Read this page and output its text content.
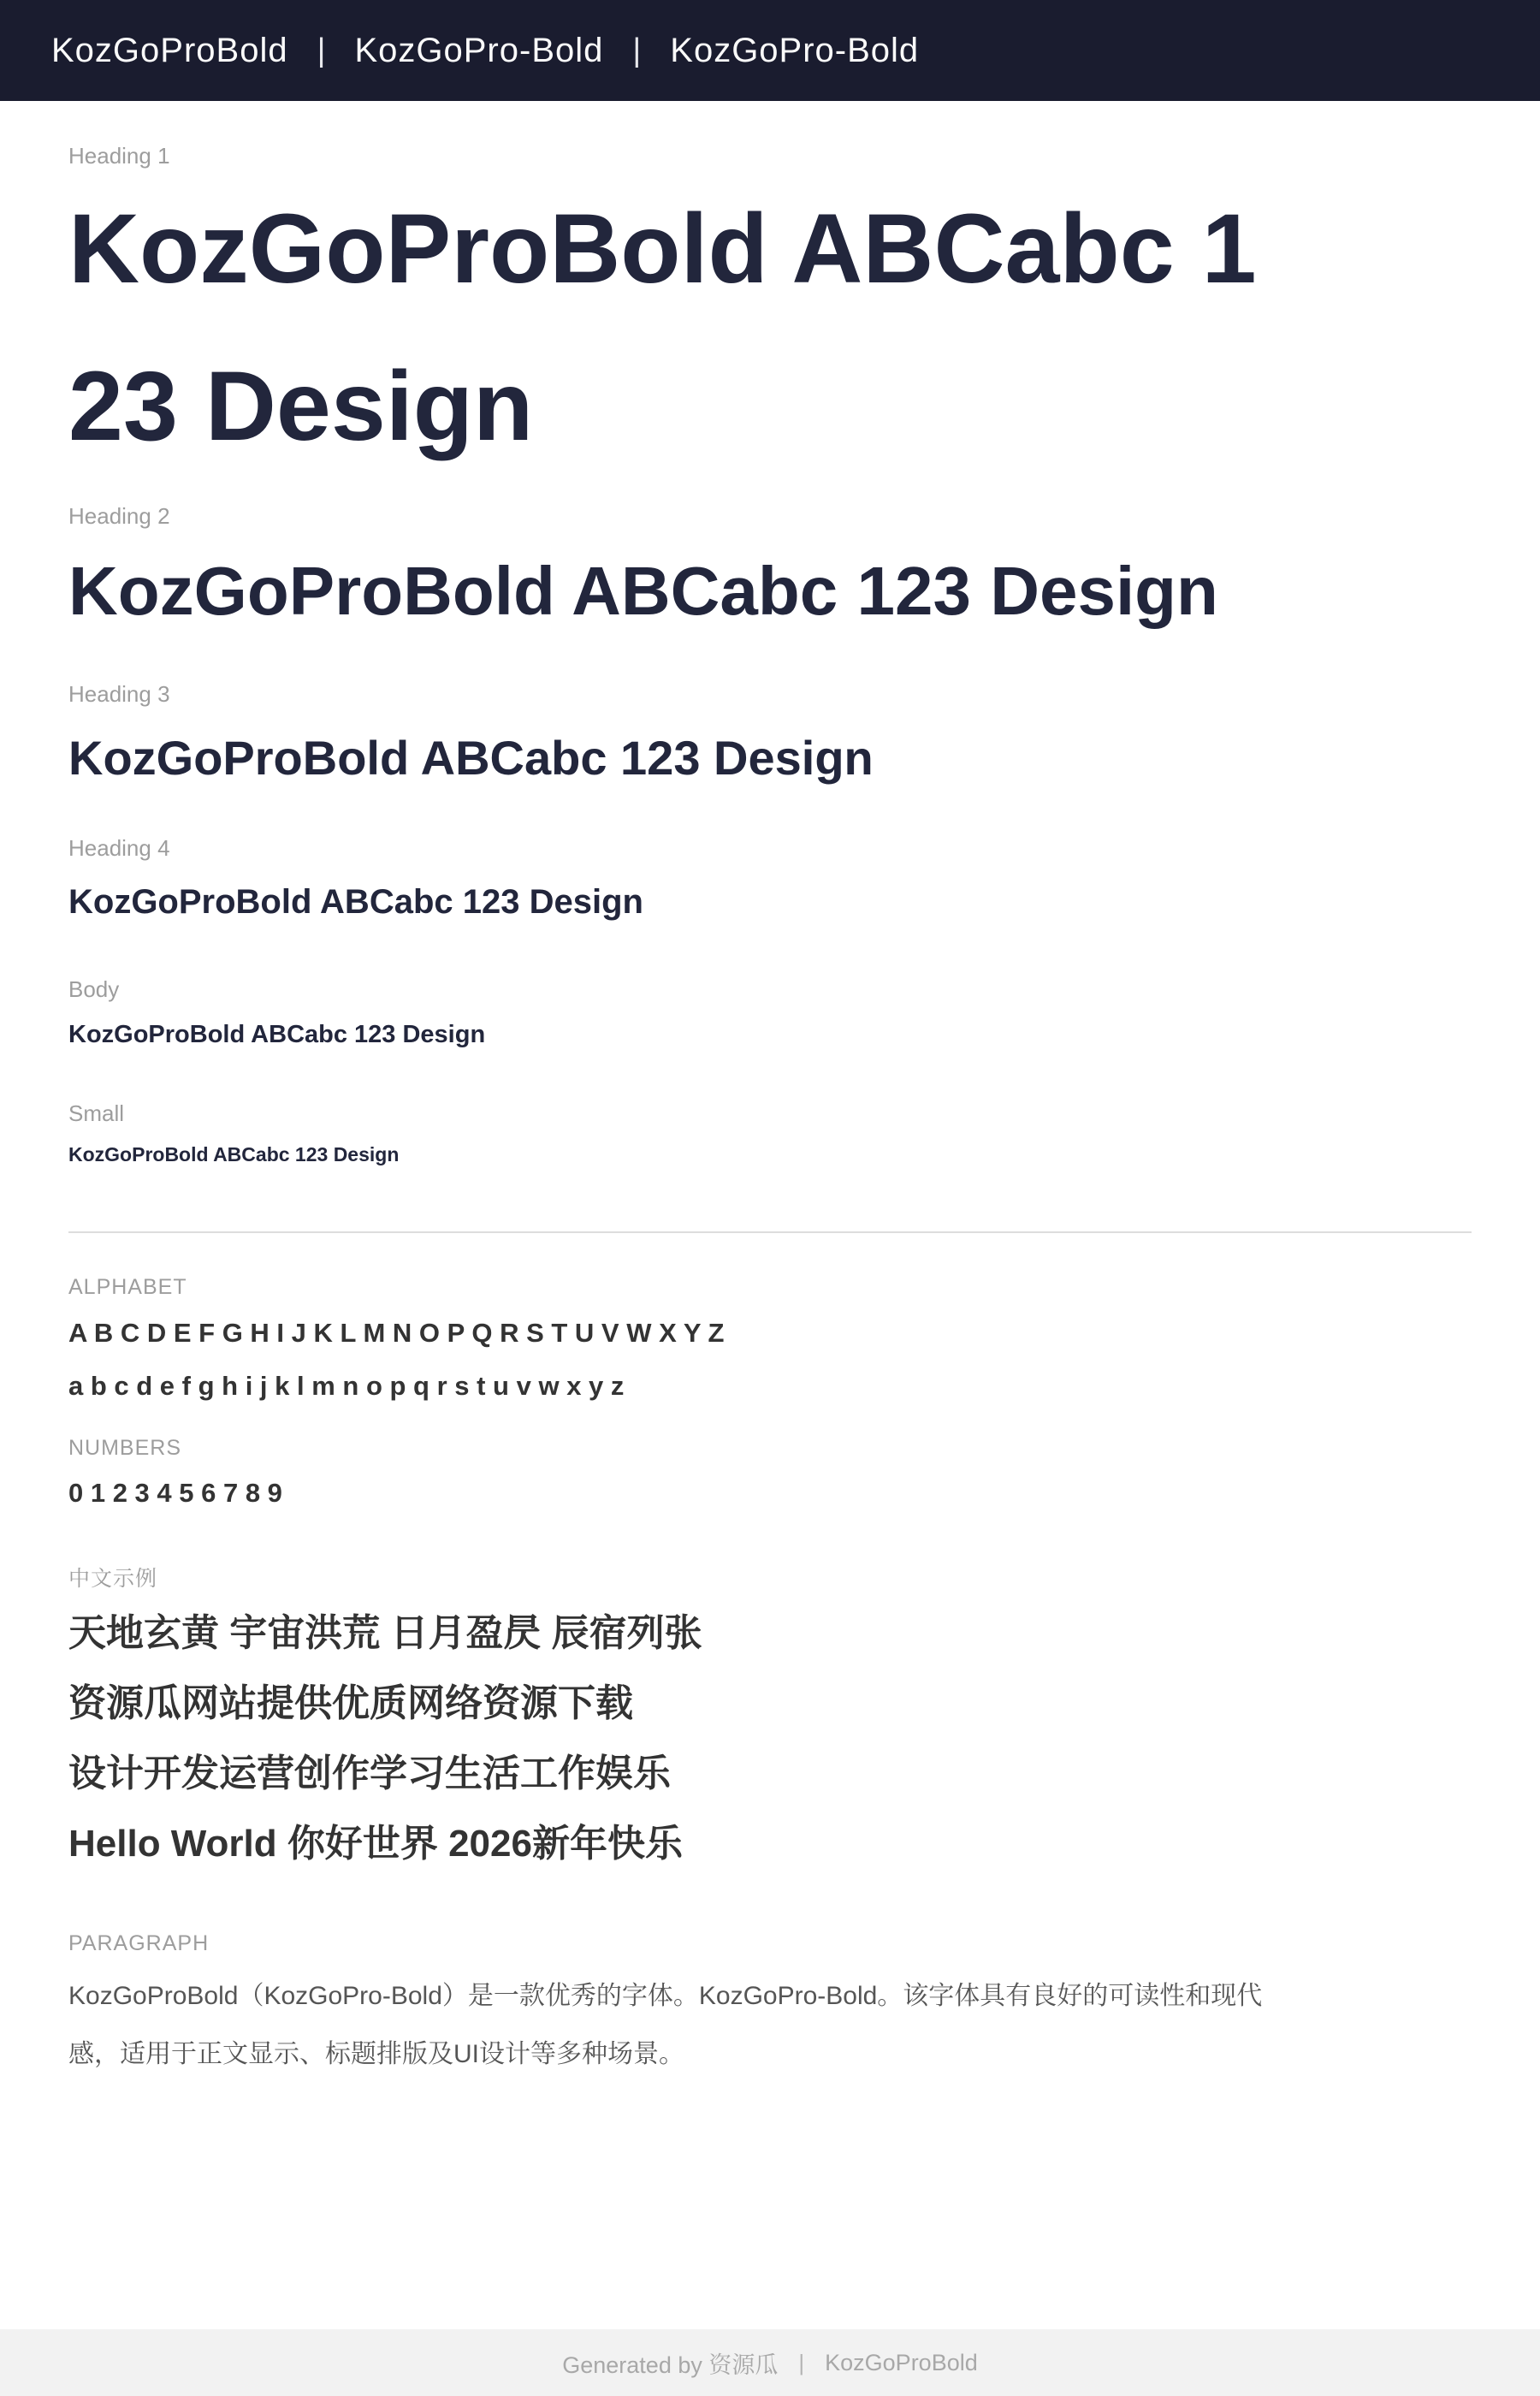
KozGoProBold | KozGoPro-Bold | KozGoPro-Bold

Heading 1

KozGoProBold ABCabc 1
23 Design

Heading 2

KozGoProBold ABCabc 123 Design

Heading 3

KozGoProBold ABCabc 123 Design

Heading 4

KozGoProBold ABCabc 123 Design

Body

KozGoProBold ABCabc 123 Design

Small

KozGoProBold ABCabc 123 Design

ALPHABET

A B C D E F G H I J K L M N O P Q R S T U V W X Y Z

a b c d e f g h i j k l m n o p q r s t u v w x y z

NUMBERS

0 1 2 3 4 5 6 7 8 9

中文示例

天地玄黄 宇宙洪荒 日月盈昃 辰宿列张

资源瓜网站提供优质网络资源下载

设计开发运营创作学习生活工作娱乐

Hello World 你好世界 2026新年快乐

PARAGRAPH

KozGoProBold（KozGoPro-Bold）是一款优秀的字体。KozGoPro-Bold。该字体具有良好的可读性和现代感，适用于正文显示、标题排版及UI设计等多种场景。

Generated by 资源瓜 | KozGoProBold
